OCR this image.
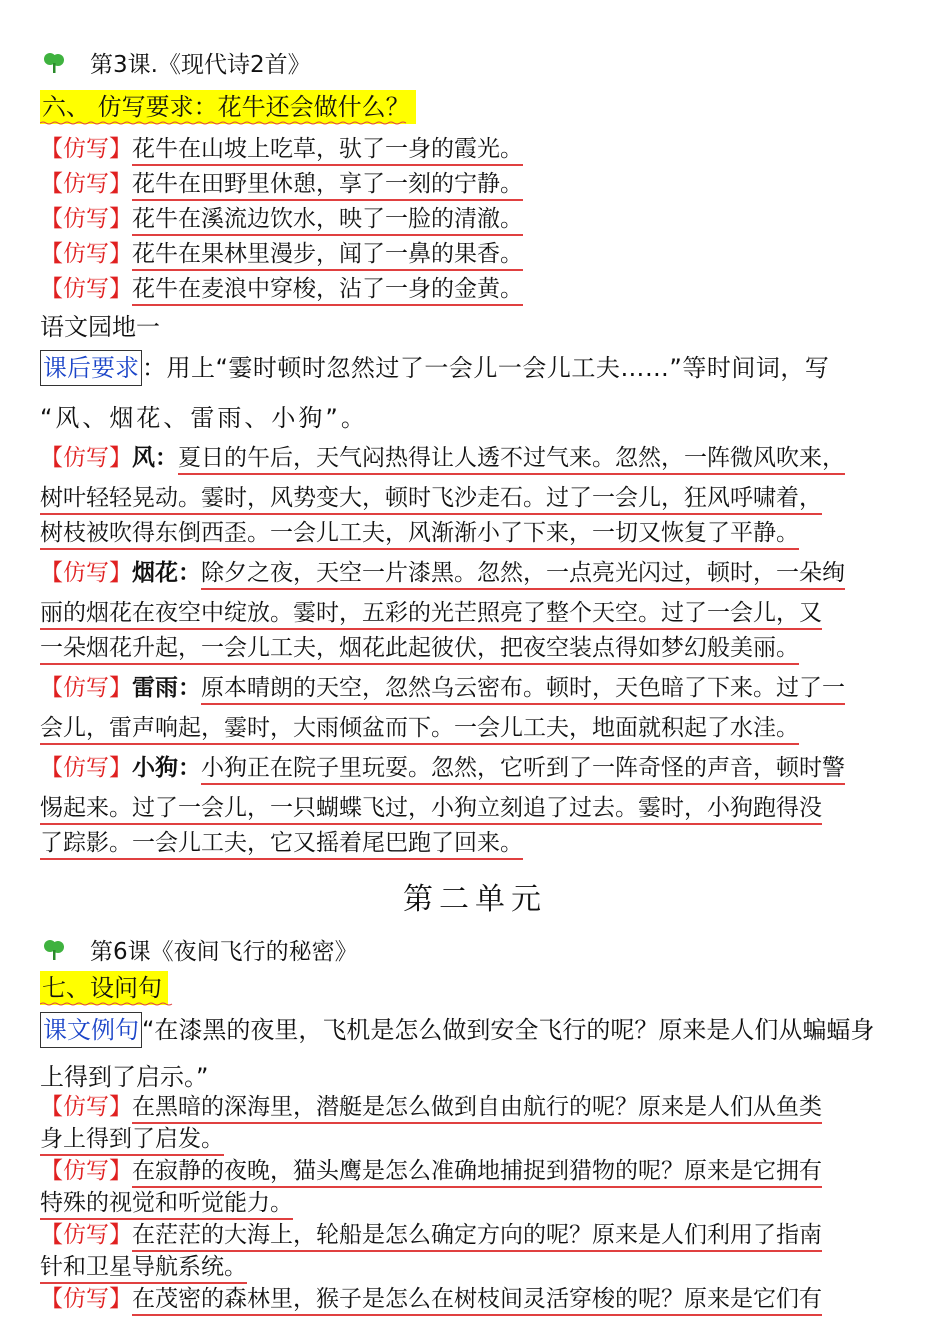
第3课.《现代诗2首》
六、 仿写要求：花牛还会做什么？
【仿写】花牛在山坡上吃草，驮了一身的霞光。
【仿写】花牛在田野里休憩，享了一刻的宁静。
【仿写】花牛在溪流边饮水，映了一脸的清澈。
【仿写】花牛在果林里漫步，闻了一鼻的果香。
【仿写】花牛在麦浪中穿梭，沾了一身的金黄。
语文园地一
课后要求 ：用上“霎时顿时忽然过了一会儿一会儿工夫……”等时间词，写
“风、烟花、雷雨、小狗”。
【仿写】风：夏日的午后，天气闷热得让人透不过气来。忽然，一阵微风吹来，
树叶轻轻晃动。霎时，风势变大，顿时飞沙走石。过了一会儿，狂风呼啸着，
树枝被吹得东倒西歪。一会儿工夫，风渐渐小了下来，一切又恢复了平静。
【仿写】烟花：除夕之夜，天空一片漆黑。忽然，一点亮光闪过，顿时，一朵绚
丽的烟花在夜空中绽放。霎时，五彩的光芒照亮了整个天空。过了一会儿，又
一朵烟花升起，一会儿工夫，烟花此起彼伏，把夜空装点得如梦幻般美丽。
【仿写】雷雨：原本晴朗的天空，忽然乌云密布。顿时，天色暗了下来。过了一
会儿，雷声响起，霎时，大雨倾盆而下。一会儿工夫，地面就积起了水洼。
【仿写】小狗：小狗正在院子里玩耍。忽然，它听到了一阵奇怪的声音，顿时警
惕起来。过了一会儿，一只蝴蝶飞过，小狗立刻追了过去。霎时，小狗跑得没
了踪影。一会儿工夫，它又摇着尾巴跑了回来。
第二单元
第6课《夜间飞行的秘密》
七、设问句
课文例句 “在漆黑的夜里，飞机是怎么做到安全飞行的呢？原来是人们从蝙蝠身
上得到了启示。”
【仿写】在黑暗的深海里，潜艇是怎么做到自由航行的呢？原来是人们从鱼类
身上得到了启发。
【仿写】在寂静的夜晚，猫头鹰是怎么准确地捕捉到猎物的呢？原来是它拥有
特殊的视觉和听觉能力。
【仿写】在茫茫的大海上，轮船是怎么确定方向的呢？原来是人们利用了指南
针和卫星导航系统。
【仿写】在茂密的森林里，猴子是怎么在树枝间灵活穿梭的呢？原来是它们有
